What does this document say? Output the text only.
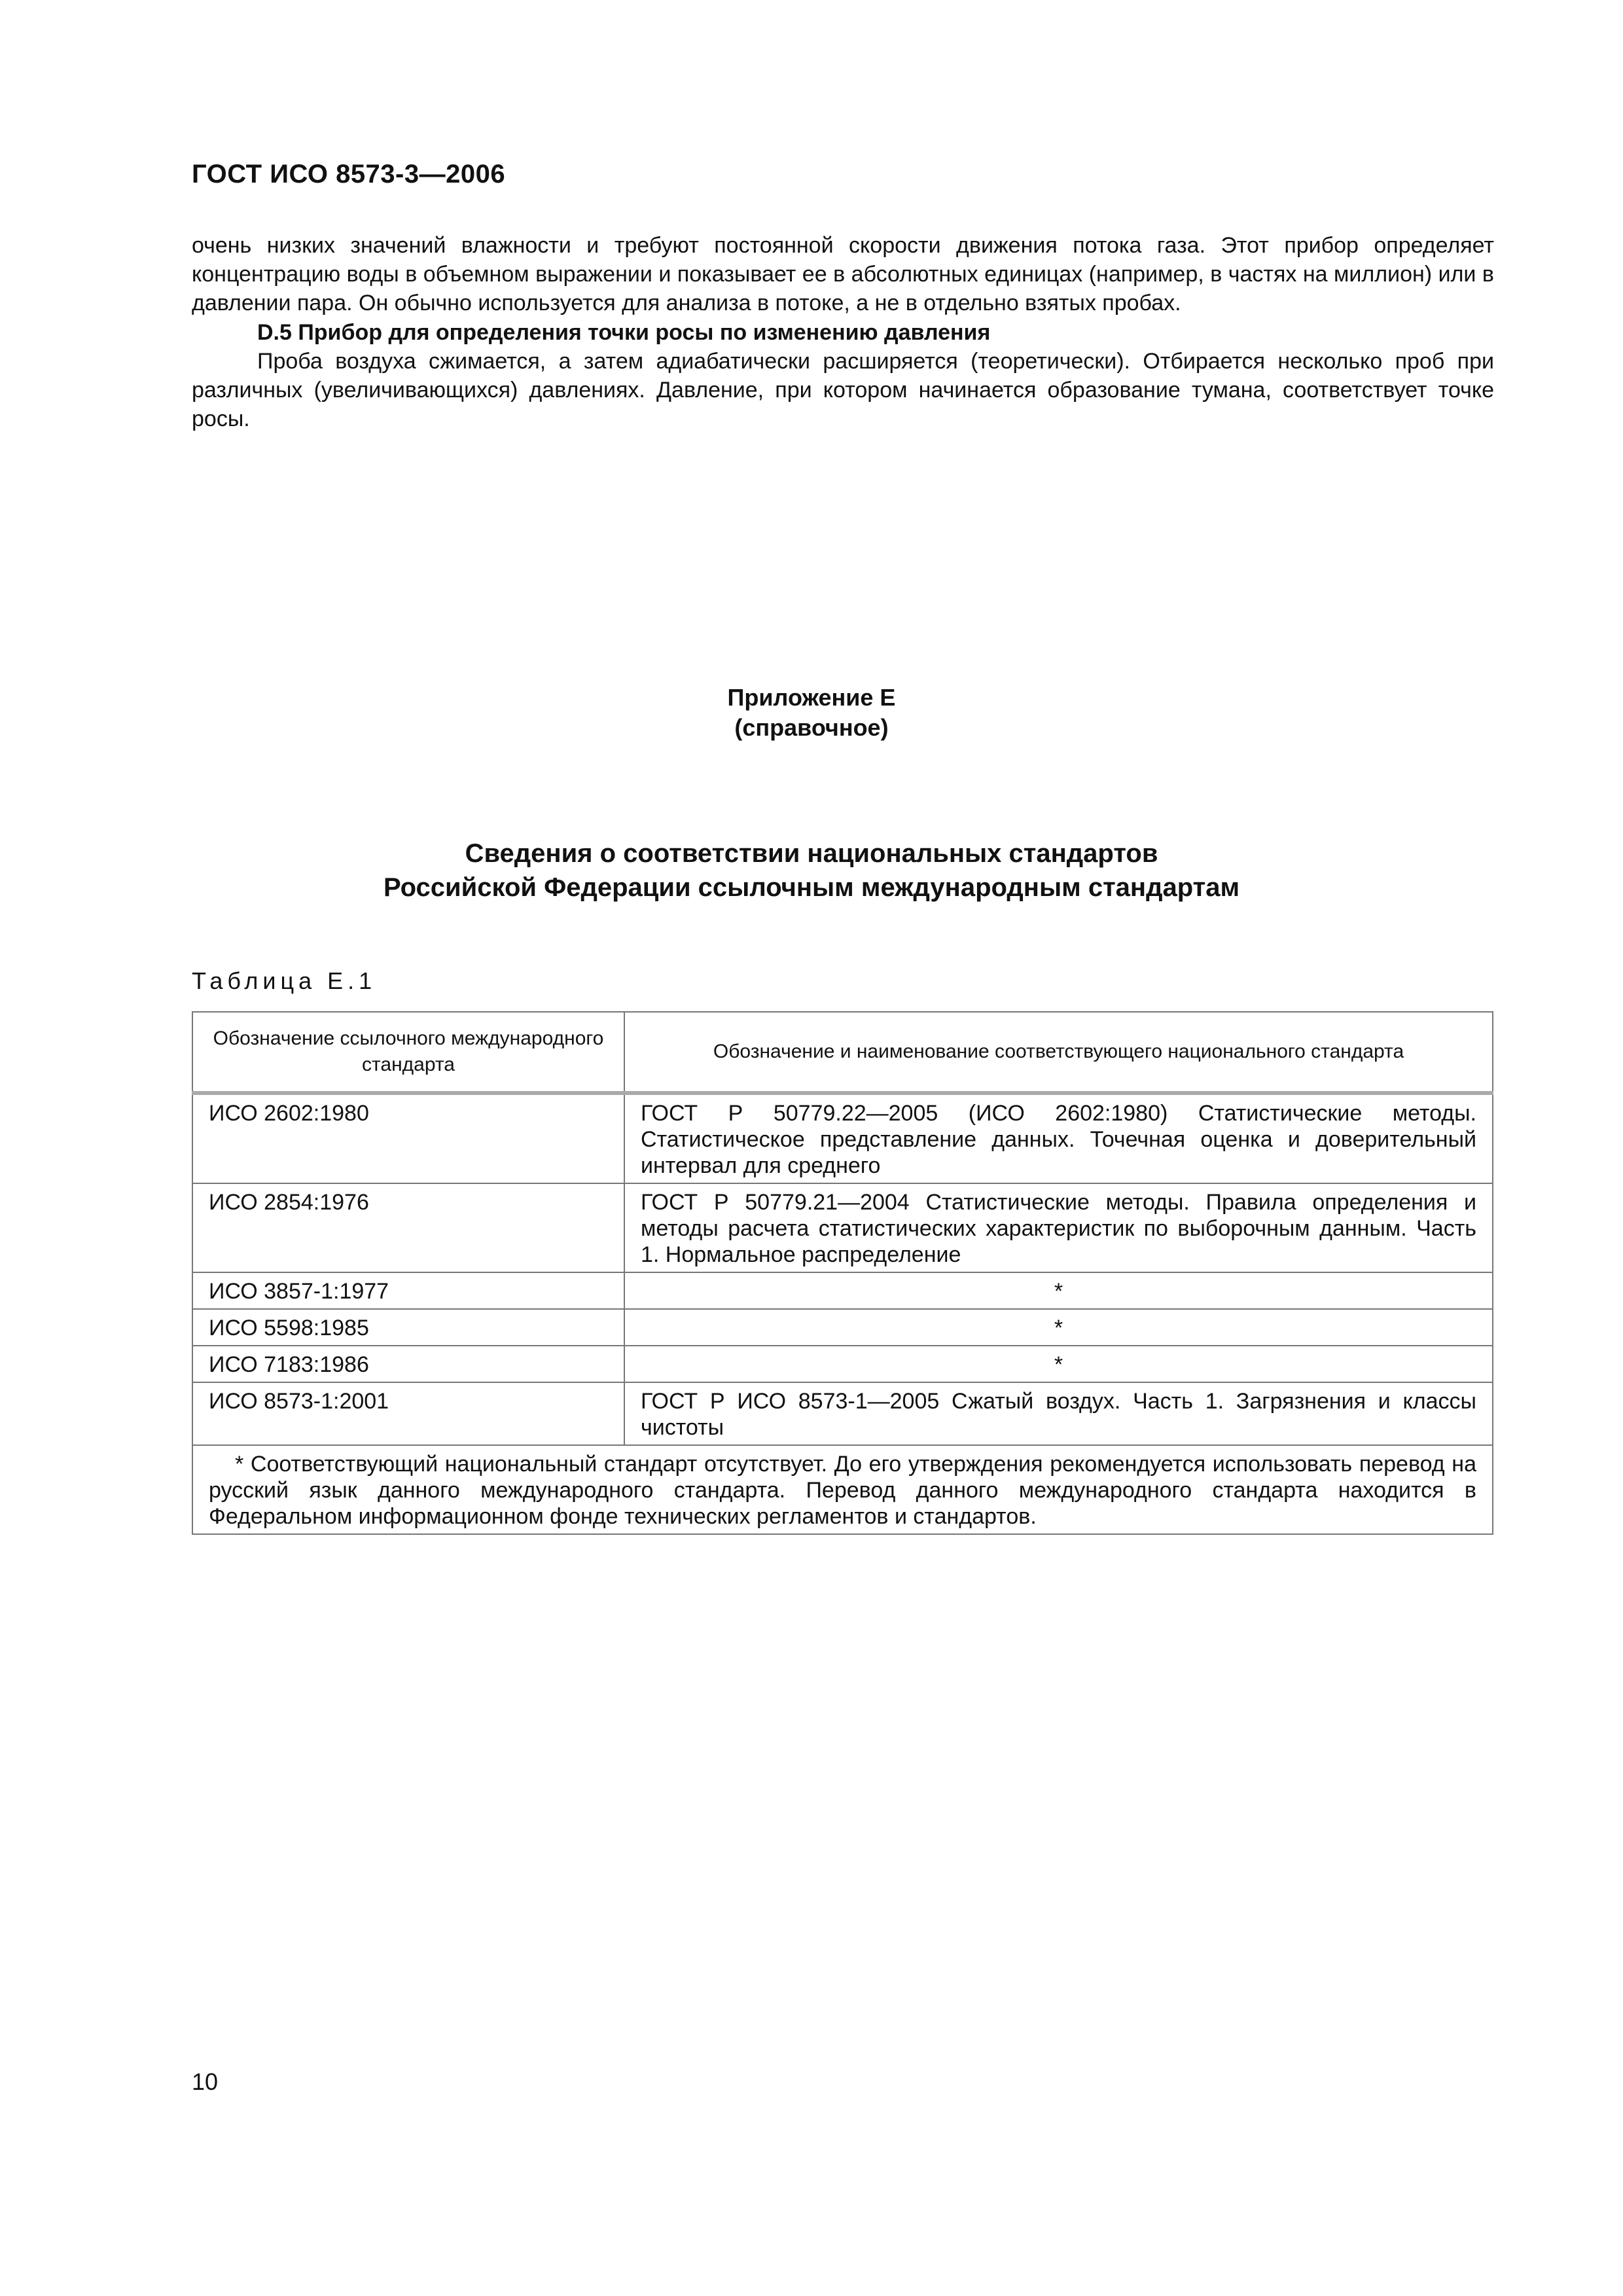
ГОСТ ИСО 8573-3—2006

очень низких значений влажности и требуют постоянной скорости движения потока газа. Этот прибор определяет концентрацию воды в объемном выражении и показывает ее в абсолютных единицах (например, в частях на миллион) или в давлении пара. Он обычно используется для анализа в потоке, а не в отдельно взятых пробах.

D.5 Прибор для определения точки росы по изменению давления

Проба воздуха сжимается, а затем адиабатически расширяется (теоретически). Отбирается несколько проб при различных (увеличивающихся) давлениях. Давление, при котором начинается образование тумана, соответствует точке росы.

Приложение Е
(справочное)
Сведения о соответствии национальных стандартов
Российской Федерации ссылочным международным стандартам
Таблица Е.1
Обозначение ссылочного международного стандарта	Обозначение и наименование соответствующего национального стандарта
ИСО 2602:1980	ГОСТ Р 50779.22—2005 (ИСО 2602:1980) Статистические методы. Статистическое представление данных. Точечная оценка и доверительный интервал для среднего
ИСО 2854:1976	ГОСТ Р 50779.21—2004 Статистические методы. Правила определения и методы расчета статистических характеристик по выборочным данным. Часть 1. Нормальное распределение
ИСО 3857-1:1977	*
ИСО 5598:1985	*
ИСО 7183:1986	*
ИСО 8573-1:2001	ГОСТ Р ИСО 8573-1—2005 Сжатый воздух. Часть 1. Загрязнения и классы чистоты
* Соответствующий национальный стандарт отсутствует. До его утверждения рекомендуется использовать перевод на русский язык данного международного стандарта. Перевод данного международного стандарта находится в Федеральном информационном фонде технических регламентов и стандартов.	
10
